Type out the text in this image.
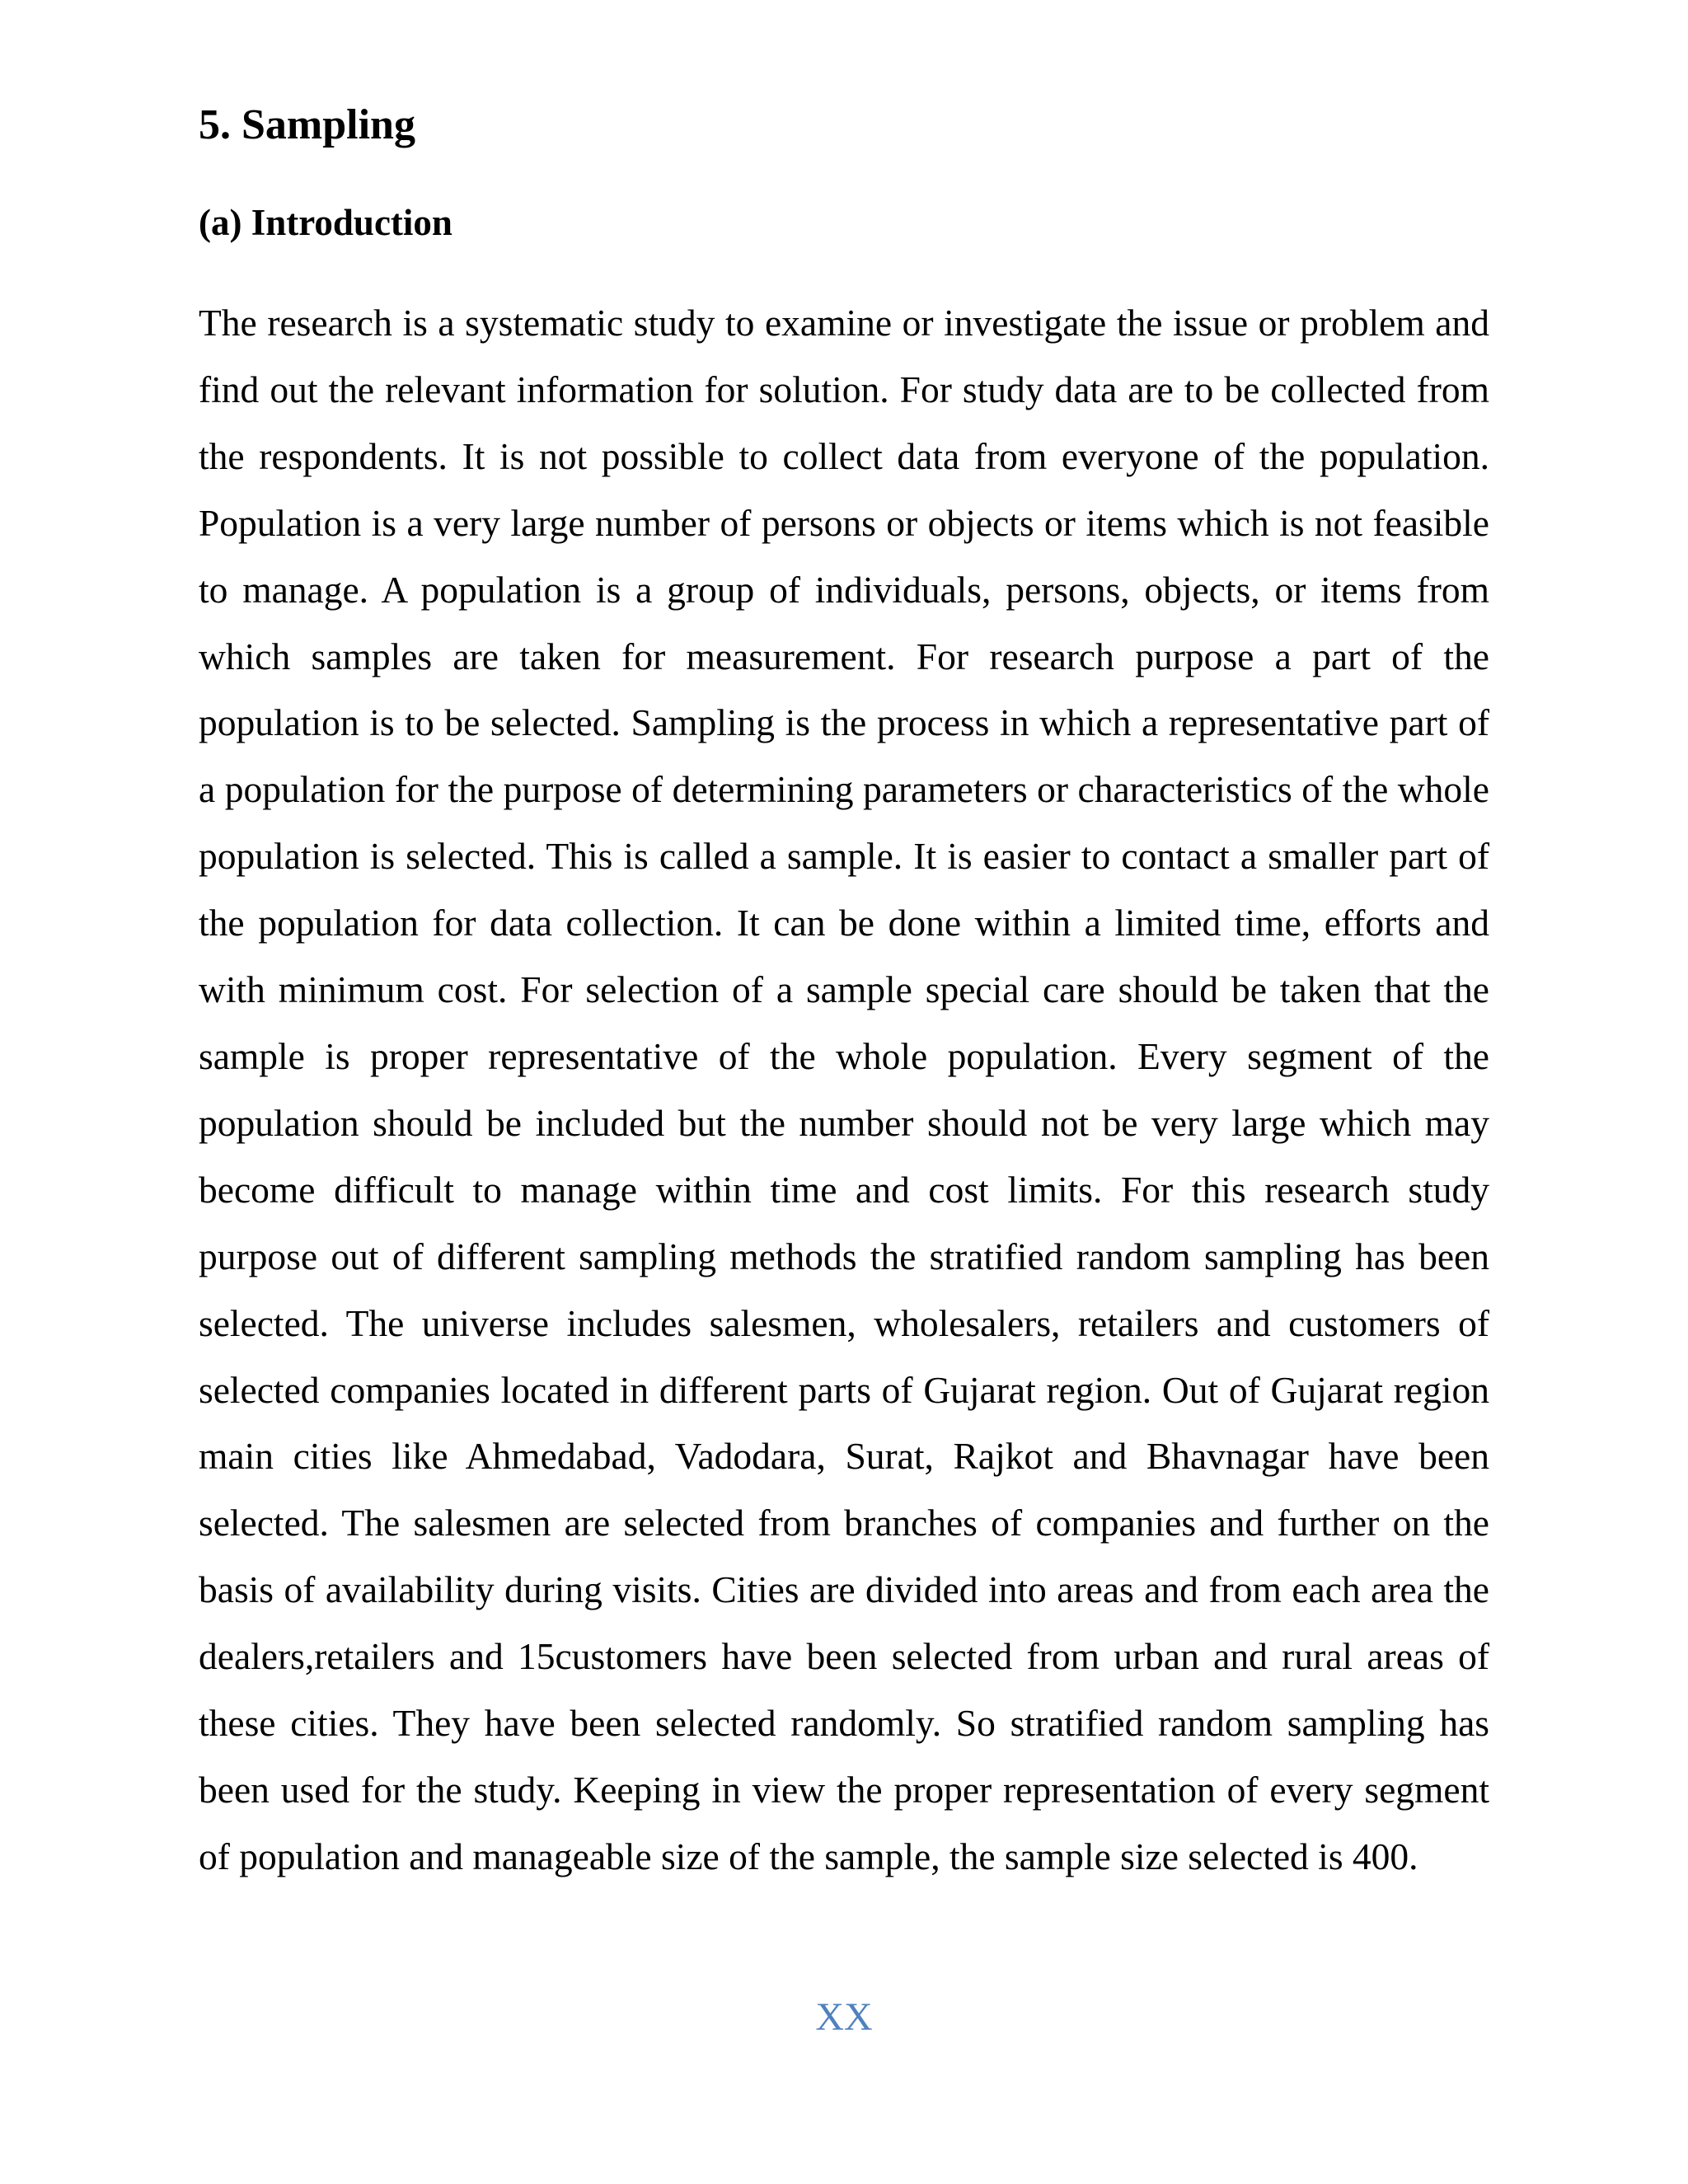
5. Sampling
(a) Introduction

The research is a systematic study to examine or investigate the issue or problem and find out the relevant information for solution. For study data are to be collected from the respondents. It is not possible to collect data from everyone of the population. Population is a very large number of persons or objects or items which is not feasible to manage. A population is a group of individuals, persons, objects, or items from which samples are taken for measurement. For research purpose a part of the population is to be selected. Sampling is the process in which a representative part of a population for the purpose of determining parameters or characteristics of the whole population is selected. This is called a sample. It is easier to contact a smaller part of the population for data collection. It can be done within a limited time, efforts and with minimum cost. For selection of a sample special care should be taken that the sample is proper representative of the whole population. Every segment of the population should be included but the number should not be very large which may become difficult to manage within time and cost limits. For this research study purpose out of different sampling methods the stratified random sampling has been selected. The universe includes salesmen, wholesalers, retailers and customers of selected companies located in different parts of Gujarat region. Out of Gujarat region main cities like Ahmedabad, Vadodara, Surat, Rajkot and Bhavnagar have been selected. The salesmen are selected from branches of companies and further on the basis of availability during visits. Cities are divided into areas and from each area the dealers,retailers and 15customers have been selected from urban and rural areas of these cities. They have been selected randomly. So stratified random sampling has been used for the study. Keeping in view the proper representation of every segment of population and manageable size of the sample, the sample size selected is 400.

XX
